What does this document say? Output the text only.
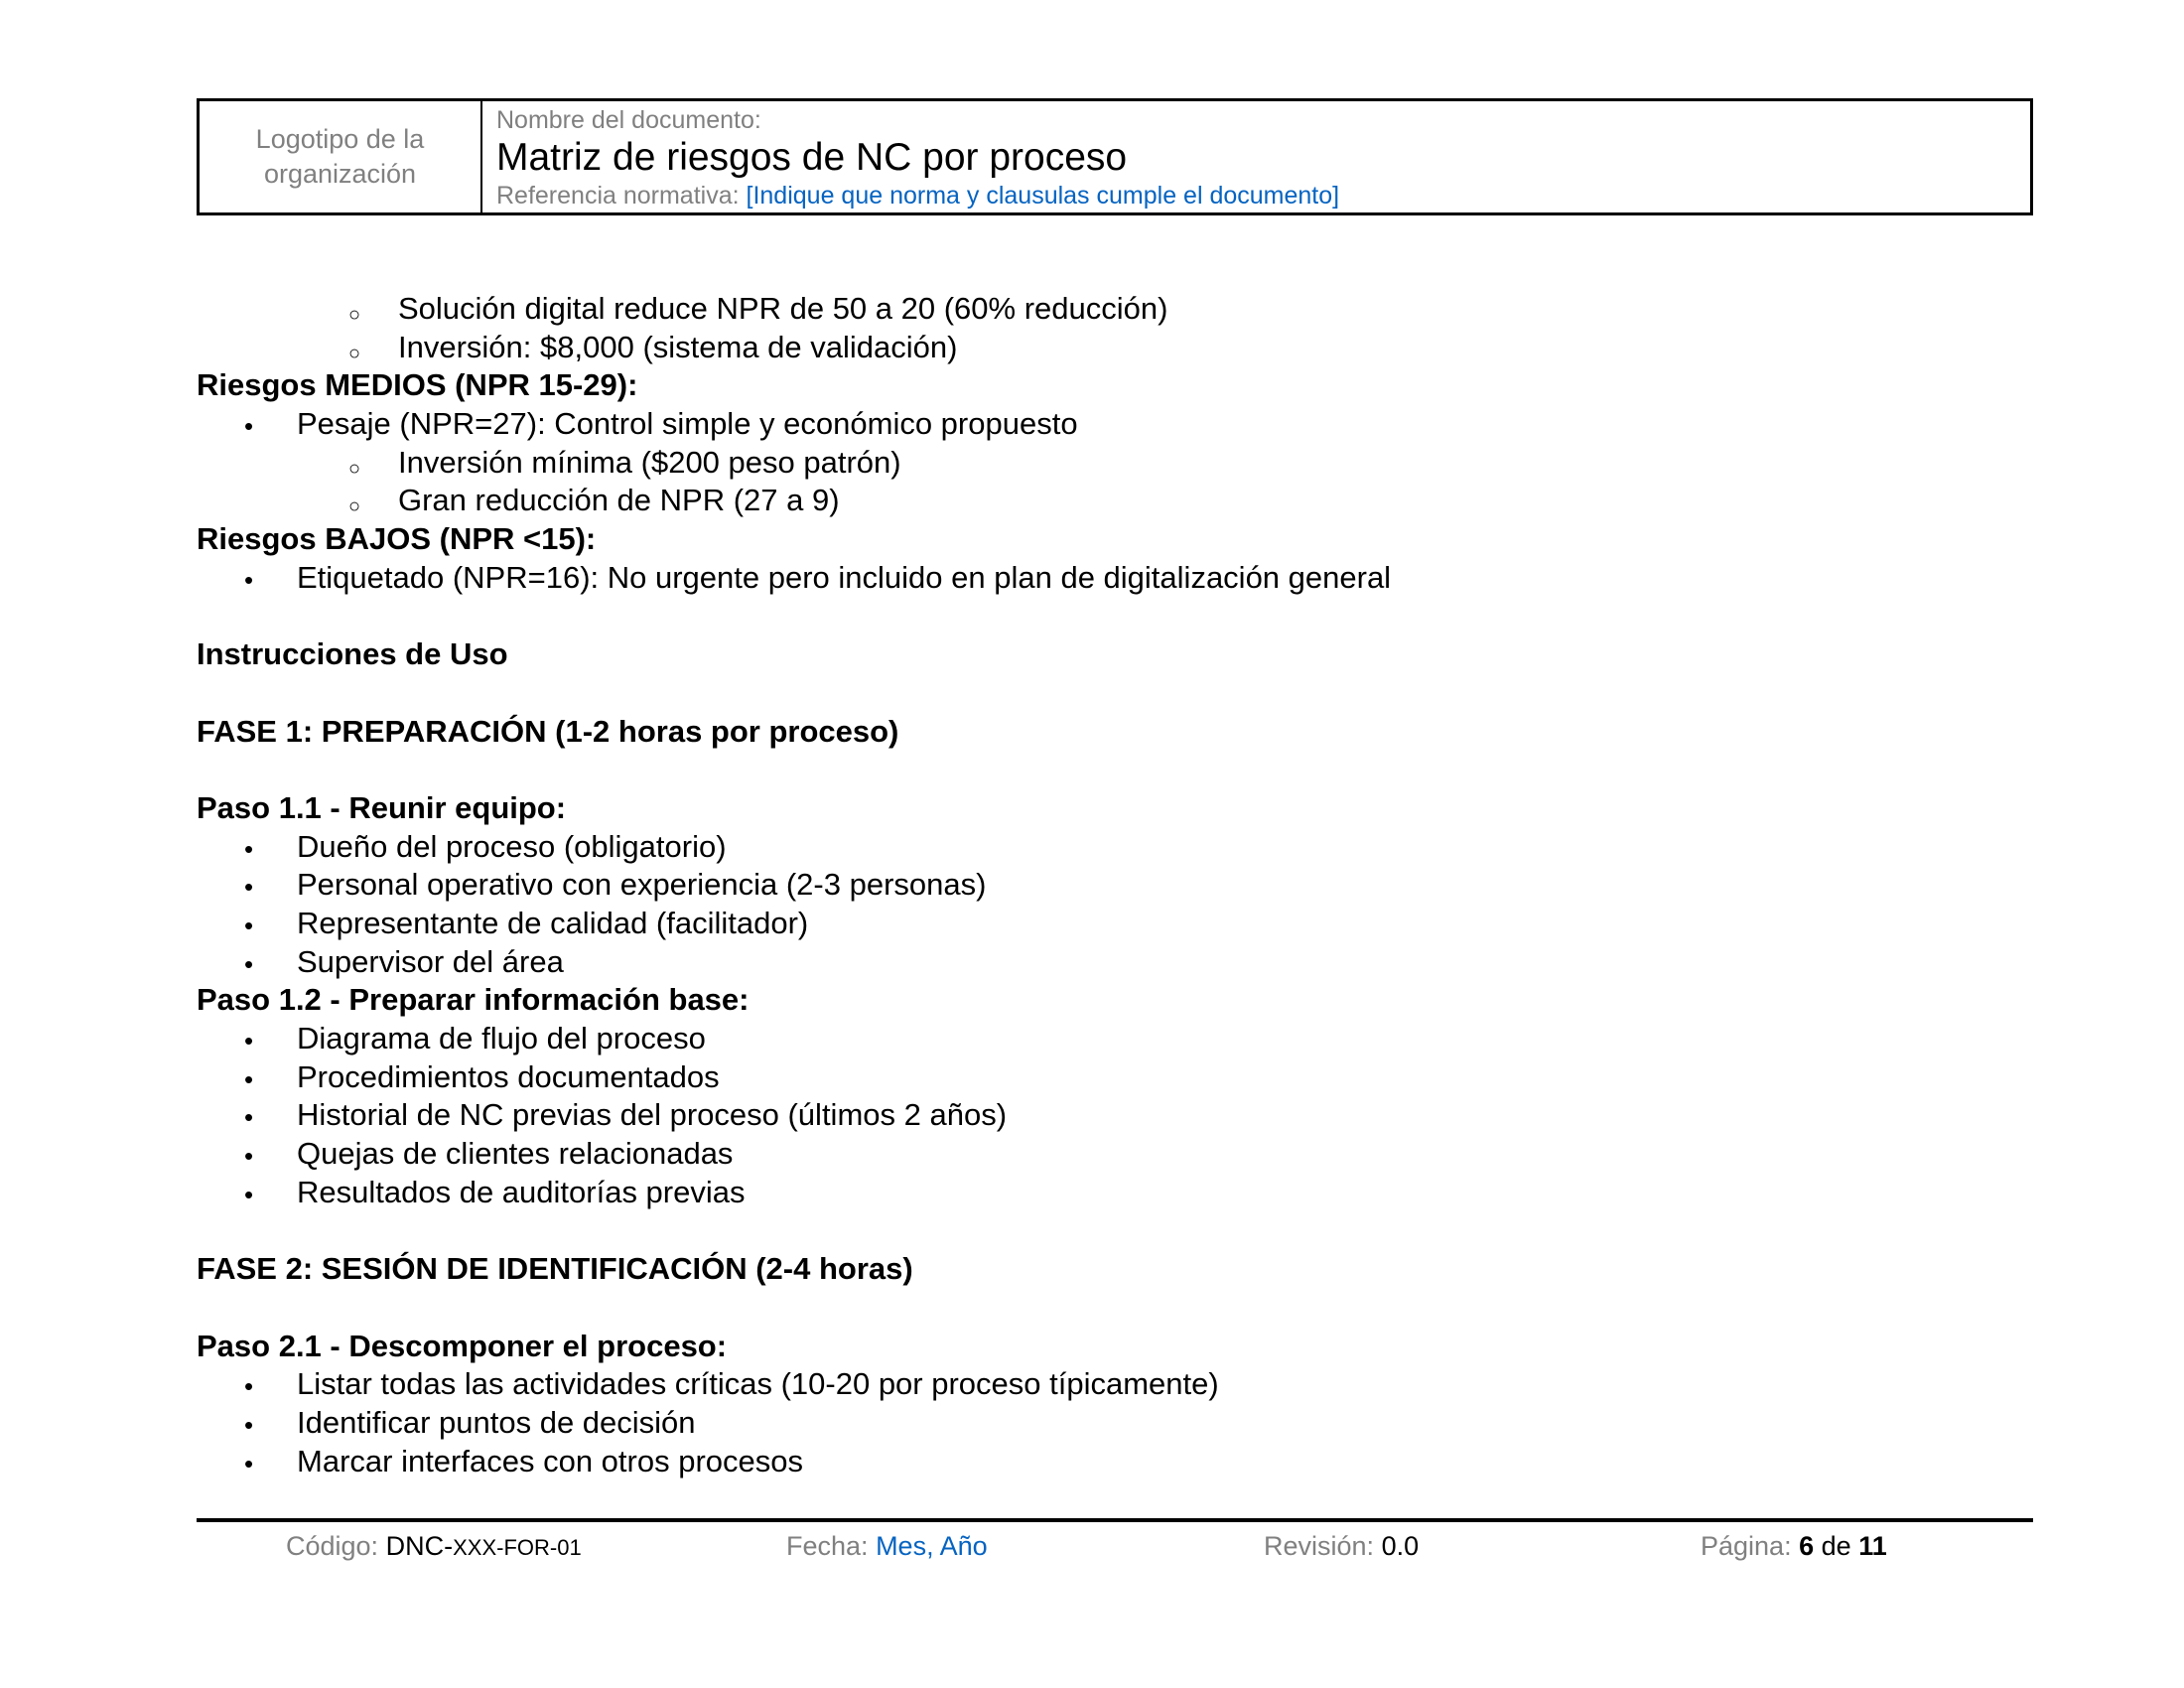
Logotipo de la
organización
Nombre del documento:
Matriz de riesgos de NC por proceso
Referencia normativa: [Indique que norma y clausulas cumple el documento]
○ Solución digital reduce NPR de 50 a 20 (60% reducción)
○ Inversión: $8,000 (sistema de validación)
Riesgos MEDIOS (NPR 15-29):
• Pesaje (NPR=27): Control simple y económico propuesto
○ Inversión mínima ($200 peso patrón)
○ Gran reducción de NPR (27 a 9)
Riesgos BAJOS (NPR <15):
• Etiquetado (NPR=16): No urgente pero incluido en plan de digitalización general
Instrucciones de Uso
FASE 1: PREPARACIÓN (1-2 horas por proceso)
Paso 1.1 - Reunir equipo:
• Dueño del proceso (obligatorio)
• Personal operativo con experiencia (2-3 personas)
• Representante de calidad (facilitador)
• Supervisor del área
Paso 1.2 - Preparar información base:
• Diagrama de flujo del proceso
• Procedimientos documentados
• Historial de NC previas del proceso (últimos 2 años)
• Quejas de clientes relacionadas
• Resultados de auditorías previas
FASE 2: SESIÓN DE IDENTIFICACIÓN (2-4 horas)
Paso 2.1 - Descomponer el proceso:
• Listar todas las actividades críticas (10-20 por proceso típicamente)
• Identificar puntos de decisión
• Marcar interfaces con otros procesos
Código: DNC-XXX-FOR-01	Fecha: Mes, Año	Revisión: 0.0	Página: 6 de 11
